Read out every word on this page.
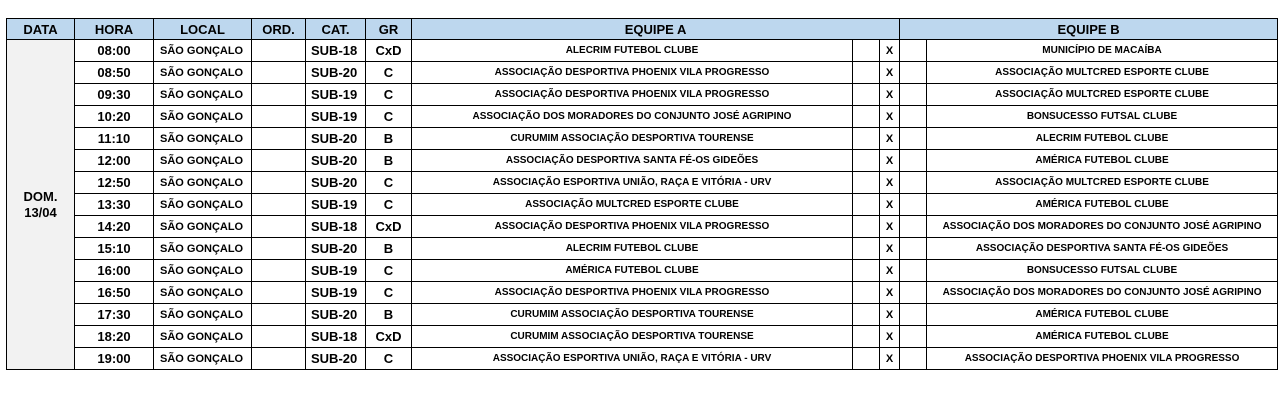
DATA	HORA	LOCAL	ORD.	CAT.	GR	EQUIPE A			EQUIPE B	
DOM.
13/04	08:00	SÃO GONÇALO		SUB-18	CxD	ALECRIM FUTEBOL CLUBE		X		MUNICÍPIO DE MACAÍBA
	08:50	SÃO GONÇALO		SUB-20	C	ASSOCIAÇÃO DESPORTIVA PHOENIX VILA PROGRESSO		X		ASSOCIAÇÃO MULTCRED ESPORTE CLUBE
	09:30	SÃO GONÇALO		SUB-19	C	ASSOCIAÇÃO DESPORTIVA PHOENIX VILA PROGRESSO		X		ASSOCIAÇÃO MULTCRED ESPORTE CLUBE
	10:20	SÃO GONÇALO		SUB-19	C	ASSOCIAÇÃO DOS MORADORES DO CONJUNTO JOSÉ AGRIPINO		X		BONSUCESSO FUTSAL CLUBE
	11:10	SÃO GONÇALO		SUB-20	B	CURUMIM ASSOCIAÇÃO DESPORTIVA TOURENSE		X		ALECRIM FUTEBOL CLUBE
	12:00	SÃO GONÇALO		SUB-20	B	ASSOCIAÇÃO DESPORTIVA SANTA FÉ-OS GIDEÕES		X		AMÉRICA FUTEBOL CLUBE
	12:50	SÃO GONÇALO		SUB-20	C	ASSOCIAÇÃO ESPORTIVA UNIÃO, RAÇA E VITÓRIA - URV		X		ASSOCIAÇÃO MULTCRED ESPORTE CLUBE
	13:30	SÃO GONÇALO		SUB-19	C	ASSOCIAÇÃO MULTCRED ESPORTE CLUBE		X		AMÉRICA FUTEBOL CLUBE
	14:20	SÃO GONÇALO		SUB-18	CxD	ASSOCIAÇÃO DESPORTIVA PHOENIX VILA PROGRESSO		X		ASSOCIAÇÃO DOS MORADORES DO CONJUNTO JOSÉ AGRIPINO
	15:10	SÃO GONÇALO		SUB-20	B	ALECRIM FUTEBOL CLUBE		X		ASSOCIAÇÃO DESPORTIVA SANTA FÉ-OS GIDEÕES
	16:00	SÃO GONÇALO		SUB-19	C	AMÉRICA FUTEBOL CLUBE		X		BONSUCESSO FUTSAL CLUBE
	16:50	SÃO GONÇALO		SUB-19	C	ASSOCIAÇÃO DESPORTIVA PHOENIX VILA PROGRESSO		X		ASSOCIAÇÃO DOS MORADORES DO CONJUNTO JOSÉ AGRIPINO
	17:30	SÃO GONÇALO		SUB-20	B	CURUMIM ASSOCIAÇÃO DESPORTIVA TOURENSE		X		AMÉRICA FUTEBOL CLUBE
	18:20	SÃO GONÇALO		SUB-18	CxD	CURUMIM ASSOCIAÇÃO DESPORTIVA TOURENSE		X		AMÉRICA FUTEBOL CLUBE
	19:00	SÃO GONÇALO		SUB-20	C	ASSOCIAÇÃO ESPORTIVA UNIÃO, RAÇA E VITÓRIA - URV		X		ASSOCIAÇÃO DESPORTIVA PHOENIX VILA PROGRESSO
